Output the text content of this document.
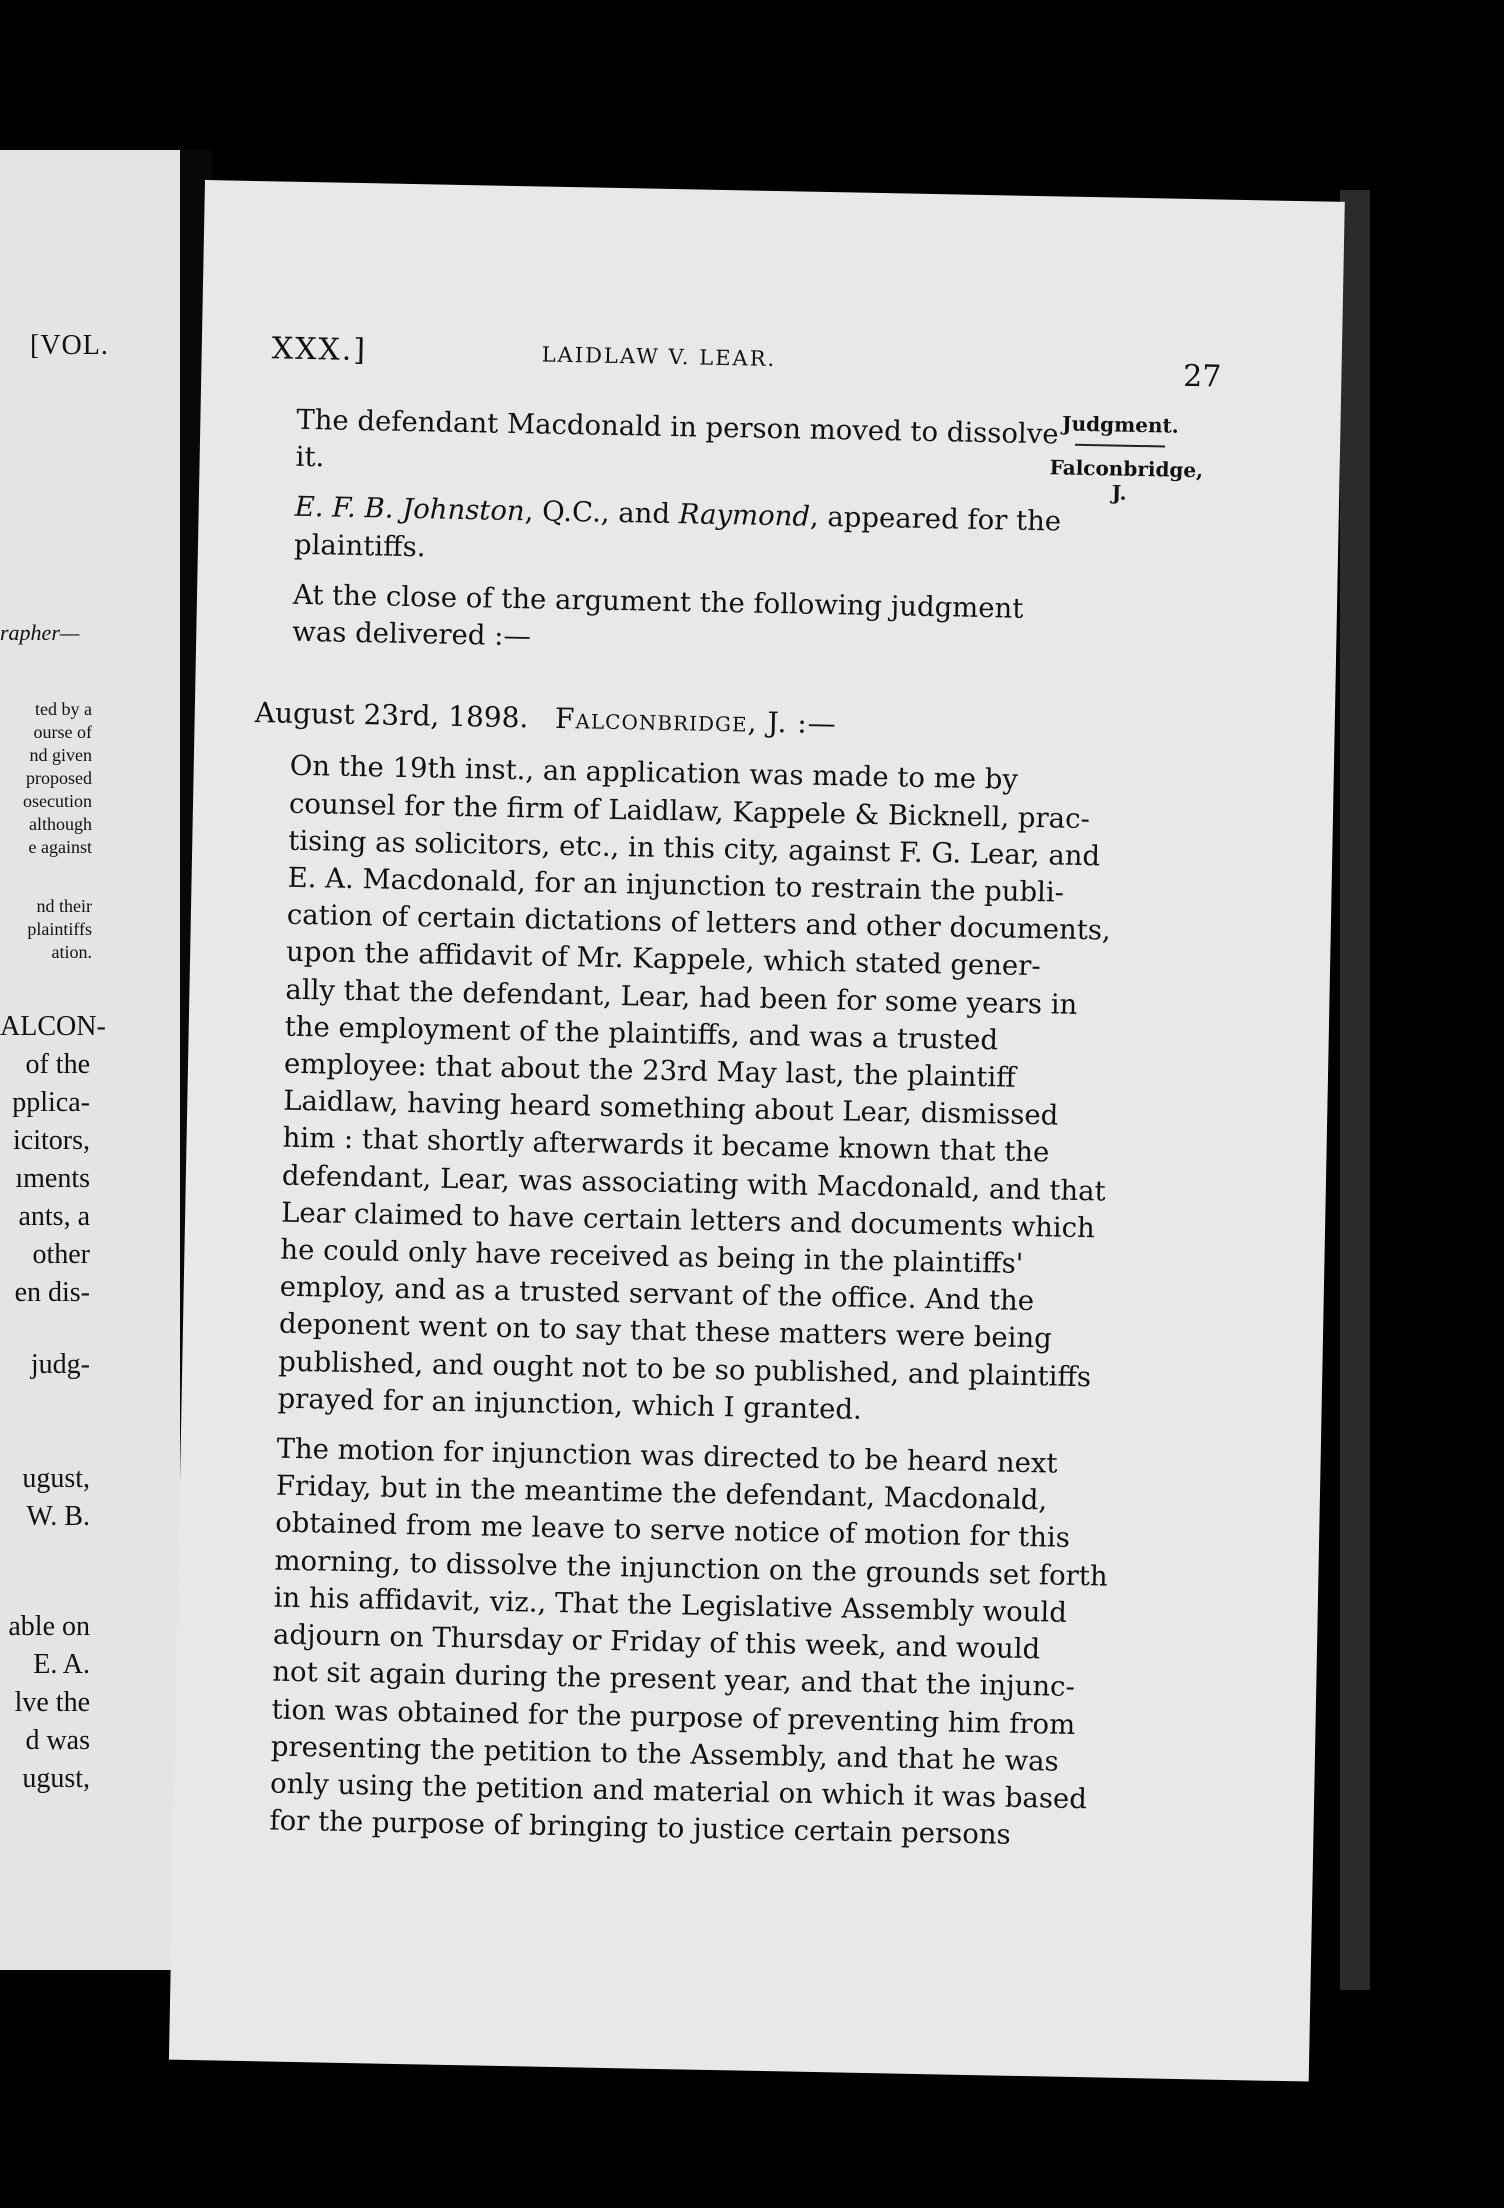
[VOL.
rapher—
ted by a
ourse of
nd given
proposed
osecution
although
e against
nd their
plaintiffs
ation.
ALCON-
of the
pplica-
icitors,
ıments
ants, a
other
en dis-
judg-
ugust,
W. B.
able on
E. A.
lve the
d was
ugust,
XXX.]	LAIDLAW V. LEAR.
27
Judgment.
Falconbridge,
J.

The defendant Macdonald in person moved to dissolve
it.

E. F. B. Johnston, Q.C., and Raymond, appeared for the
plaintiffs.

At the close of the argument the following judgment
was delivered :—

August 23rd, 1898. Falconbridge, J. :—

On the 19th inst., an application was made to me by
counsel for the firm of Laidlaw, Kappele & Bicknell, prac-
tising as solicitors, etc., in this city, against F. G. Lear, and
E. A. Macdonald, for an injunction to restrain the publi-
cation of certain dictations of letters and other documents,
upon the affidavit of Mr. Kappele, which stated gener-
ally that the defendant, Lear, had been for some years in
the employment of the plaintiffs, and was a trusted
employee: that about the 23rd May last, the plaintiff
Laidlaw, having heard something about Lear, dismissed
him : that shortly afterwards it became known that the
defendant, Lear, was associating with Macdonald, and that
Lear claimed to have certain letters and documents which
he could only have received as being in the plaintiffs'
employ, and as a trusted servant of the office. And the
deponent went on to say that these matters were being
published, and ought not to be so published, and plaintiffs
prayed for an injunction, which I granted.

The motion for injunction was directed to be heard next
Friday, but in the meantime the defendant, Macdonald,
obtained from me leave to serve notice of motion for this
morning, to dissolve the injunction on the grounds set forth
in his affidavit, viz., That the Legislative Assembly would
adjourn on Thursday or Friday of this week, and would
not sit again during the present year, and that the injunc-
tion was obtained for the purpose of preventing him from
presenting the petition to the Assembly, and that he was
only using the petition and material on which it was based
for the purpose of bringing to justice certain persons
